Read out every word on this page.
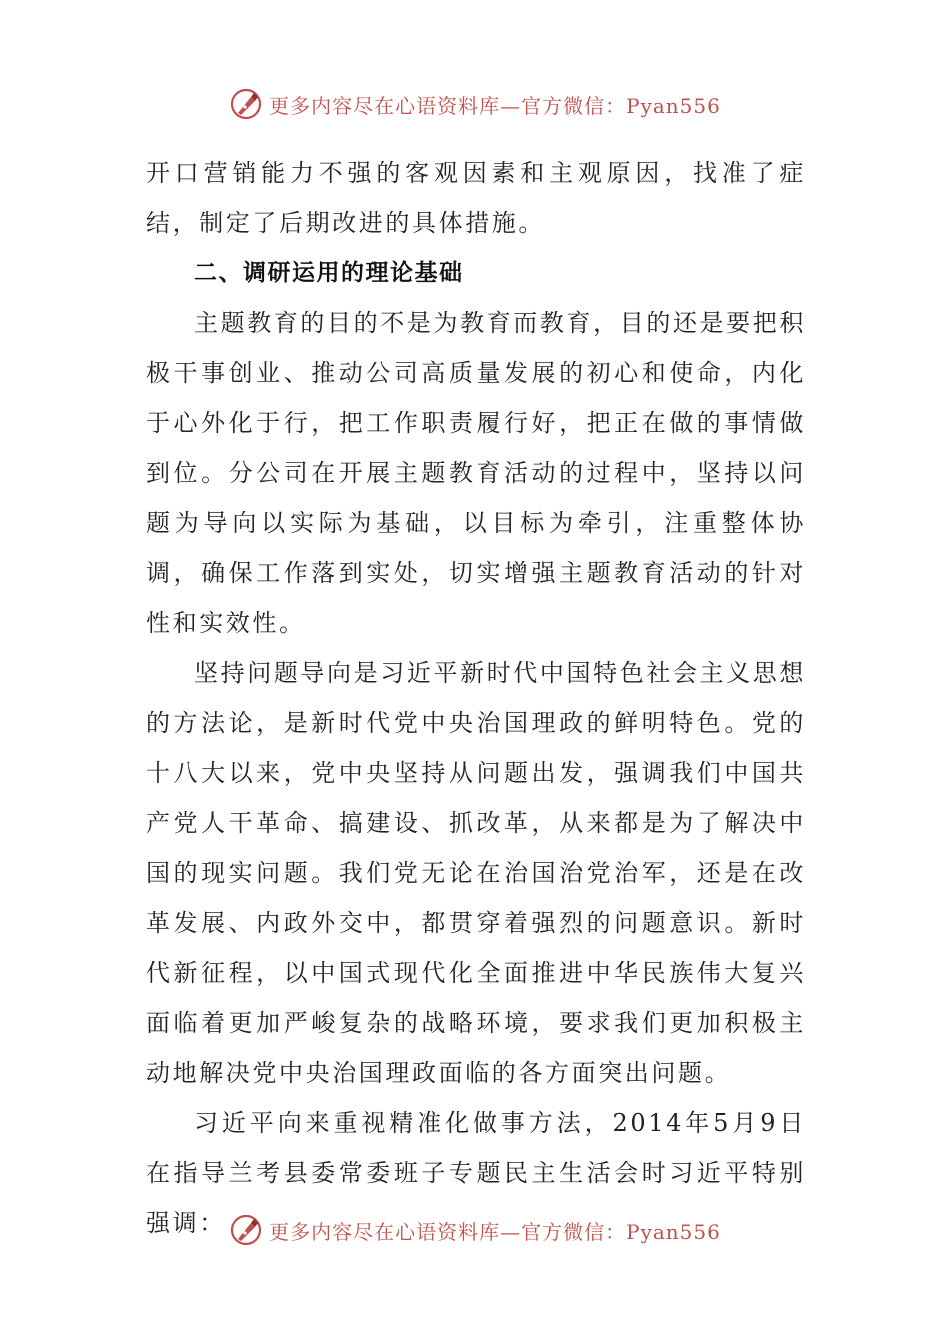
更多内容尽在心语资料库—官方微信：Pyan556

开口营销能力不强的客观因素和主观原因，找准了症结，制定了后期改进的具体措施。

二、调研运用的理论基础

主题教育的目的不是为教育而教育，目的还是要把积极干事创业、推动公司高质量发展的初心和使命，内化于心外化于行，把工作职责履行好，把正在做的事情做到位。分公司在开展主题教育活动的过程中，坚持以问题为导向以实际为基础，以目标为牵引，注重整体协调，确保工作落到实处，切实增强主题教育活动的针对性和实效性。

坚持问题导向是习近平新时代中国特色社会主义思想的方法论，是新时代党中央治国理政的鲜明特色。党的十八大以来，党中央坚持从问题出发，强调我们中国共产党人干革命、搞建设、抓改革，从来都是为了解决中国的现实问题。我们党无论在治国治党治军，还是在改革发展、内政外交中，都贯穿着强烈的问题意识。新时代新征程，以中国式现代化全面推进中华民族伟大复兴面临着更加严峻复杂的战略环境，要求我们更加积极主动地解决党中央治国理政面临的各方面突出问题。

习近平向来重视精准化做事方法，2014年5月9日在指导兰考县委常委班子专题民主生活会时习近平特别强调：	更多内容尽在心语资料库—官方微信：Pyan556
